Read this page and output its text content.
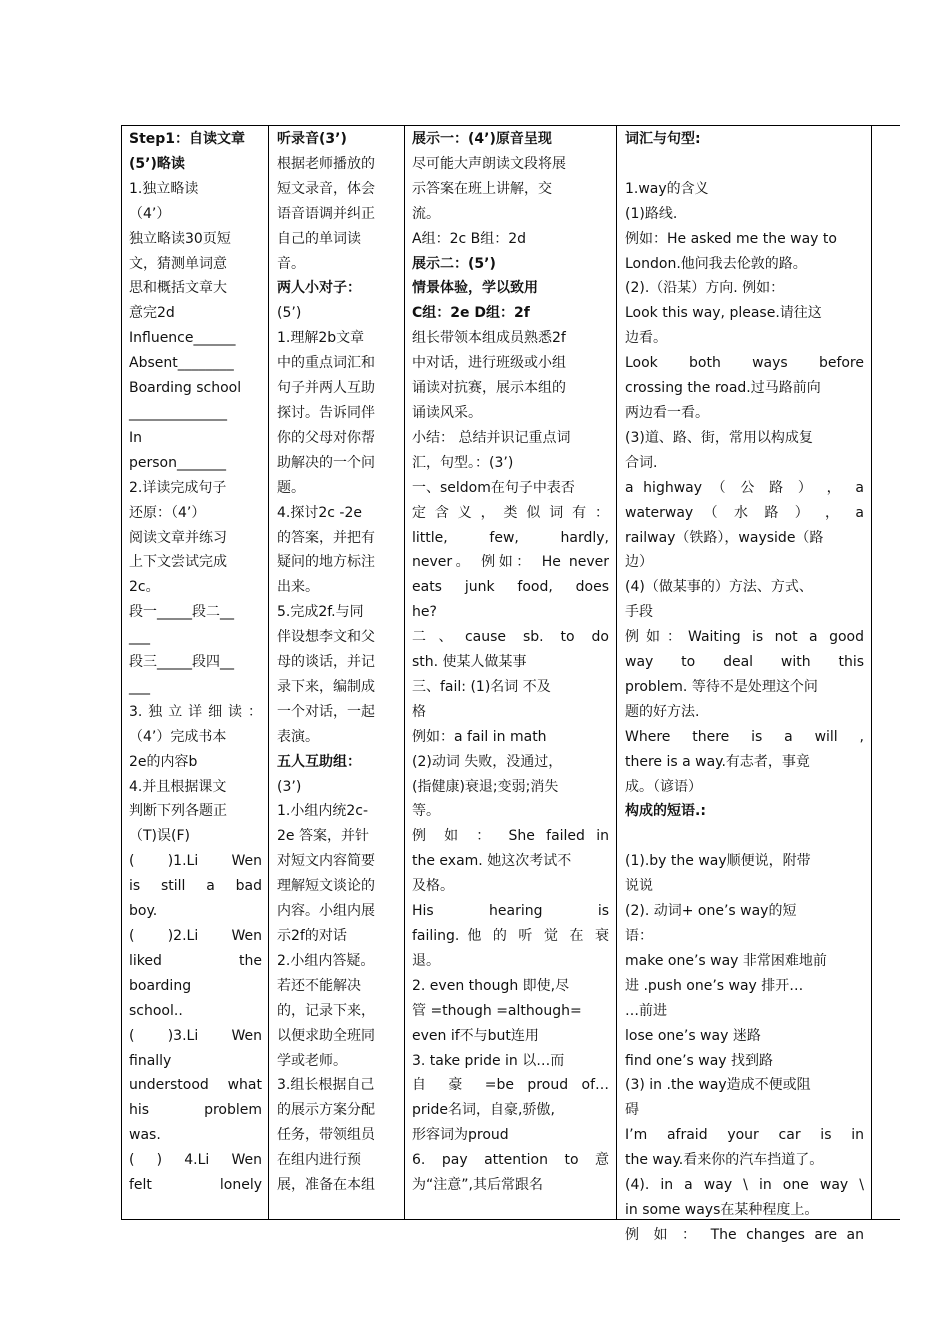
Step1：自读文章
(5’)略读
1.独立略读
（4’）
独立略读30页短
文，猜测单词意
思和概括文章大
意完2d
Influence______
Absent________
Boarding school
______________
In
person_______
2.详读完成句子
还原：（4’）
阅读文章并练习
上下文尝试完成
2c。
段一_____段二__
___
段三_____段四__
___
3.独立详细读：
（4’）完成书本
2e的内容b
4.并且根据课文
判断下列各题正
（T)误(F)
( )1.Li Wen
is still a bad
boy.
( )2.Li Wen
liked the
boarding
school..
( )3.Li Wen
finally
understood what
his problem
was.
( ) 4.Li Wen
felt lonely
听录音(3’)
根据老师播放的
短文录音，体会
语音语调并纠正
自己的单词读
音。
两人小对子：
(5’)
1.理解2b文章
中的重点词汇和
句子并两人互助
探讨。告诉同伴
你的父母对你帮
助解决的一个问
题。
4.探讨2c -2e
的答案，并把有
疑问的地方标注
出来。
5.完成2f.与同
伴设想李文和父
母的谈话，并记
录下来，编制成
一个对话，一起
表演。
五人互助组：
(3’)
1.小组内统2c-
2e 答案，并针
对短文内容简要
理解短文谈论的
内容。小组内展
示2f的对话
2.小组内答疑。
若还不能解决
的，记录下来，
以便求助全班同
学或老师。
3.组长根据自己
的展示方案分配
任务，带领组员
在组内进行预
展，准备在本组
展示一：(4’)原音呈现
尽可能大声朗读文段将展
示答案在班上讲解，交
流。
A组：2c B组：2d
展示二：(5’)
情景体验，学以致用
C组：2e D组：2f
组长带领本组成员熟悉2f
中对话，进行班级或小组
诵读对抗赛，展示本组的
诵读风采。
小结： 总结并识记重点词
汇，句型。：(3’)
一、seldom在句子中表否
定 含 义 ， 类 似 词 有 ：
little, few, hardly,
never。 例如： He never
eats junk food, does
he?
二、cause sb. to do
sth. 使某人做某事
三、fail: (1)名词 不及
格
例如：a fail in math
(2)动词 失败，没通过，
(指健康)衰退;变弱;消失
等。
例 如 ： She failed in
the exam. 她这次考试不
及格。
His hearing is
failing. 他 的 听 觉 在 衰
退。
2. even though 即使,尽
管 =though =although=
even if不与but连用
3. take pride in 以…而
自 豪 =be proud of…
pride名词，自豪,骄傲,
形容词为proud
6. pay attention to 意
为“注意”,其后常跟名
词汇与句型:

1.way的含义
(1)路线.
例如：He asked me the way to
London.他问我去伦敦的路。
(2).（沿某）方向. 例如：
Look this way, please.请往这
边看。
Look both ways before
crossing the road.过马路前向
两边看一看。
(3)道、路、街，常用以构成复
合词.
a highway （ 公 路 ） ， a
waterway （ 水 路 ） ， a
railway（铁路），wayside（路
边）
(4)（做某事的）方法、方式、
手段
例如：Waiting is not a good
way to deal with this
problem. 等待不是处理这个问
题的好方法.
Where there is a will ,
there is a way.有志者，事竟
成。（谚语）
构成的短语.:

(1).by the way顺便说，附带
说说
(2). 动词+ one’s way的短
语：
make one’s way 非常困难地前
进 .push one’s way 排开…
…前进
lose one’s way 迷路
find one’s way 找到路
(3) in .the way造成不便或阻
碍
I’m afraid your car is in
the way.看来你的汽车挡道了。
(4). in a way \ in one way \
in some ways在某种程度上。
例 如 ： The changes are an
